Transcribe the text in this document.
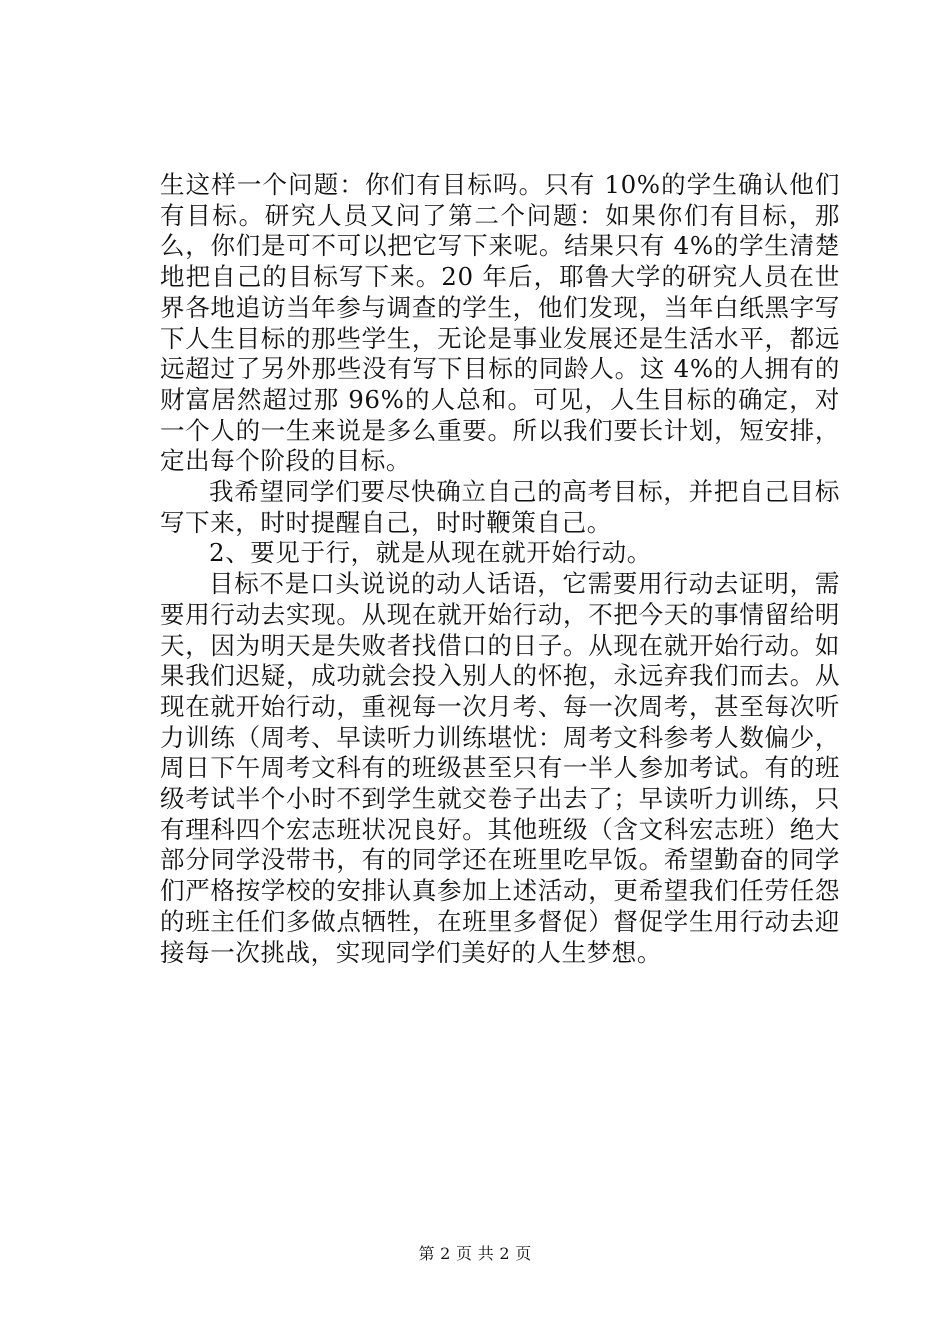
生这样一个问题：你们有目标吗。只有 10%的学生确认他们有目标。研究人员又问了第二个问题：如果你们有目标，那么，你们是可不可以把它写下来呢。结果只有 4%的学生清楚地把自己的目标写下来。20 年后，耶鲁大学的研究人员在世界各地追访当年参与调查的学生，他们发现，当年白纸黑字写下人生目标的那些学生，无论是事业发展还是生活水平，都远远超过了另外那些没有写下目标的同龄人。这 4%的人拥有的财富居然超过那 96%的人总和。可见，人生目标的确定，对一个人的一生来说是多么重要。所以我们要长计划，短安排，定出每个阶段的目标。

我希望同学们要尽快确立自己的高考目标，并把自己目标写下来，时时提醒自己，时时鞭策自己。

2、要见于行，就是从现在就开始行动。

目标不是口头说说的动人话语，它需要用行动去证明，需要用行动去实现。从现在就开始行动，不把今天的事情留给明天，因为明天是失败者找借口的日子。从现在就开始行动。如果我们迟疑，成功就会投入别人的怀抱，永远弃我们而去。从现在就开始行动，重视每一次月考、每一次周考，甚至每次听力训练（周考、早读听力训练堪忧：周考文科参考人数偏少，周日下午周考文科有的班级甚至只有一半人参加考试。有的班级考试半个小时不到学生就交卷子出去了；早读听力训练，只有理科四个宏志班状况良好。其他班级（含文科宏志班）绝大部分同学没带书，有的同学还在班里吃早饭。希望勤奋的同学们严格按学校的安排认真参加上述活动，更希望我们任劳任怨的班主任们多做点牺牲，在班里多督促）督促学生用行动去迎接每一次挑战，实现同学们美好的人生梦想。

第 2 页 共 2 页
